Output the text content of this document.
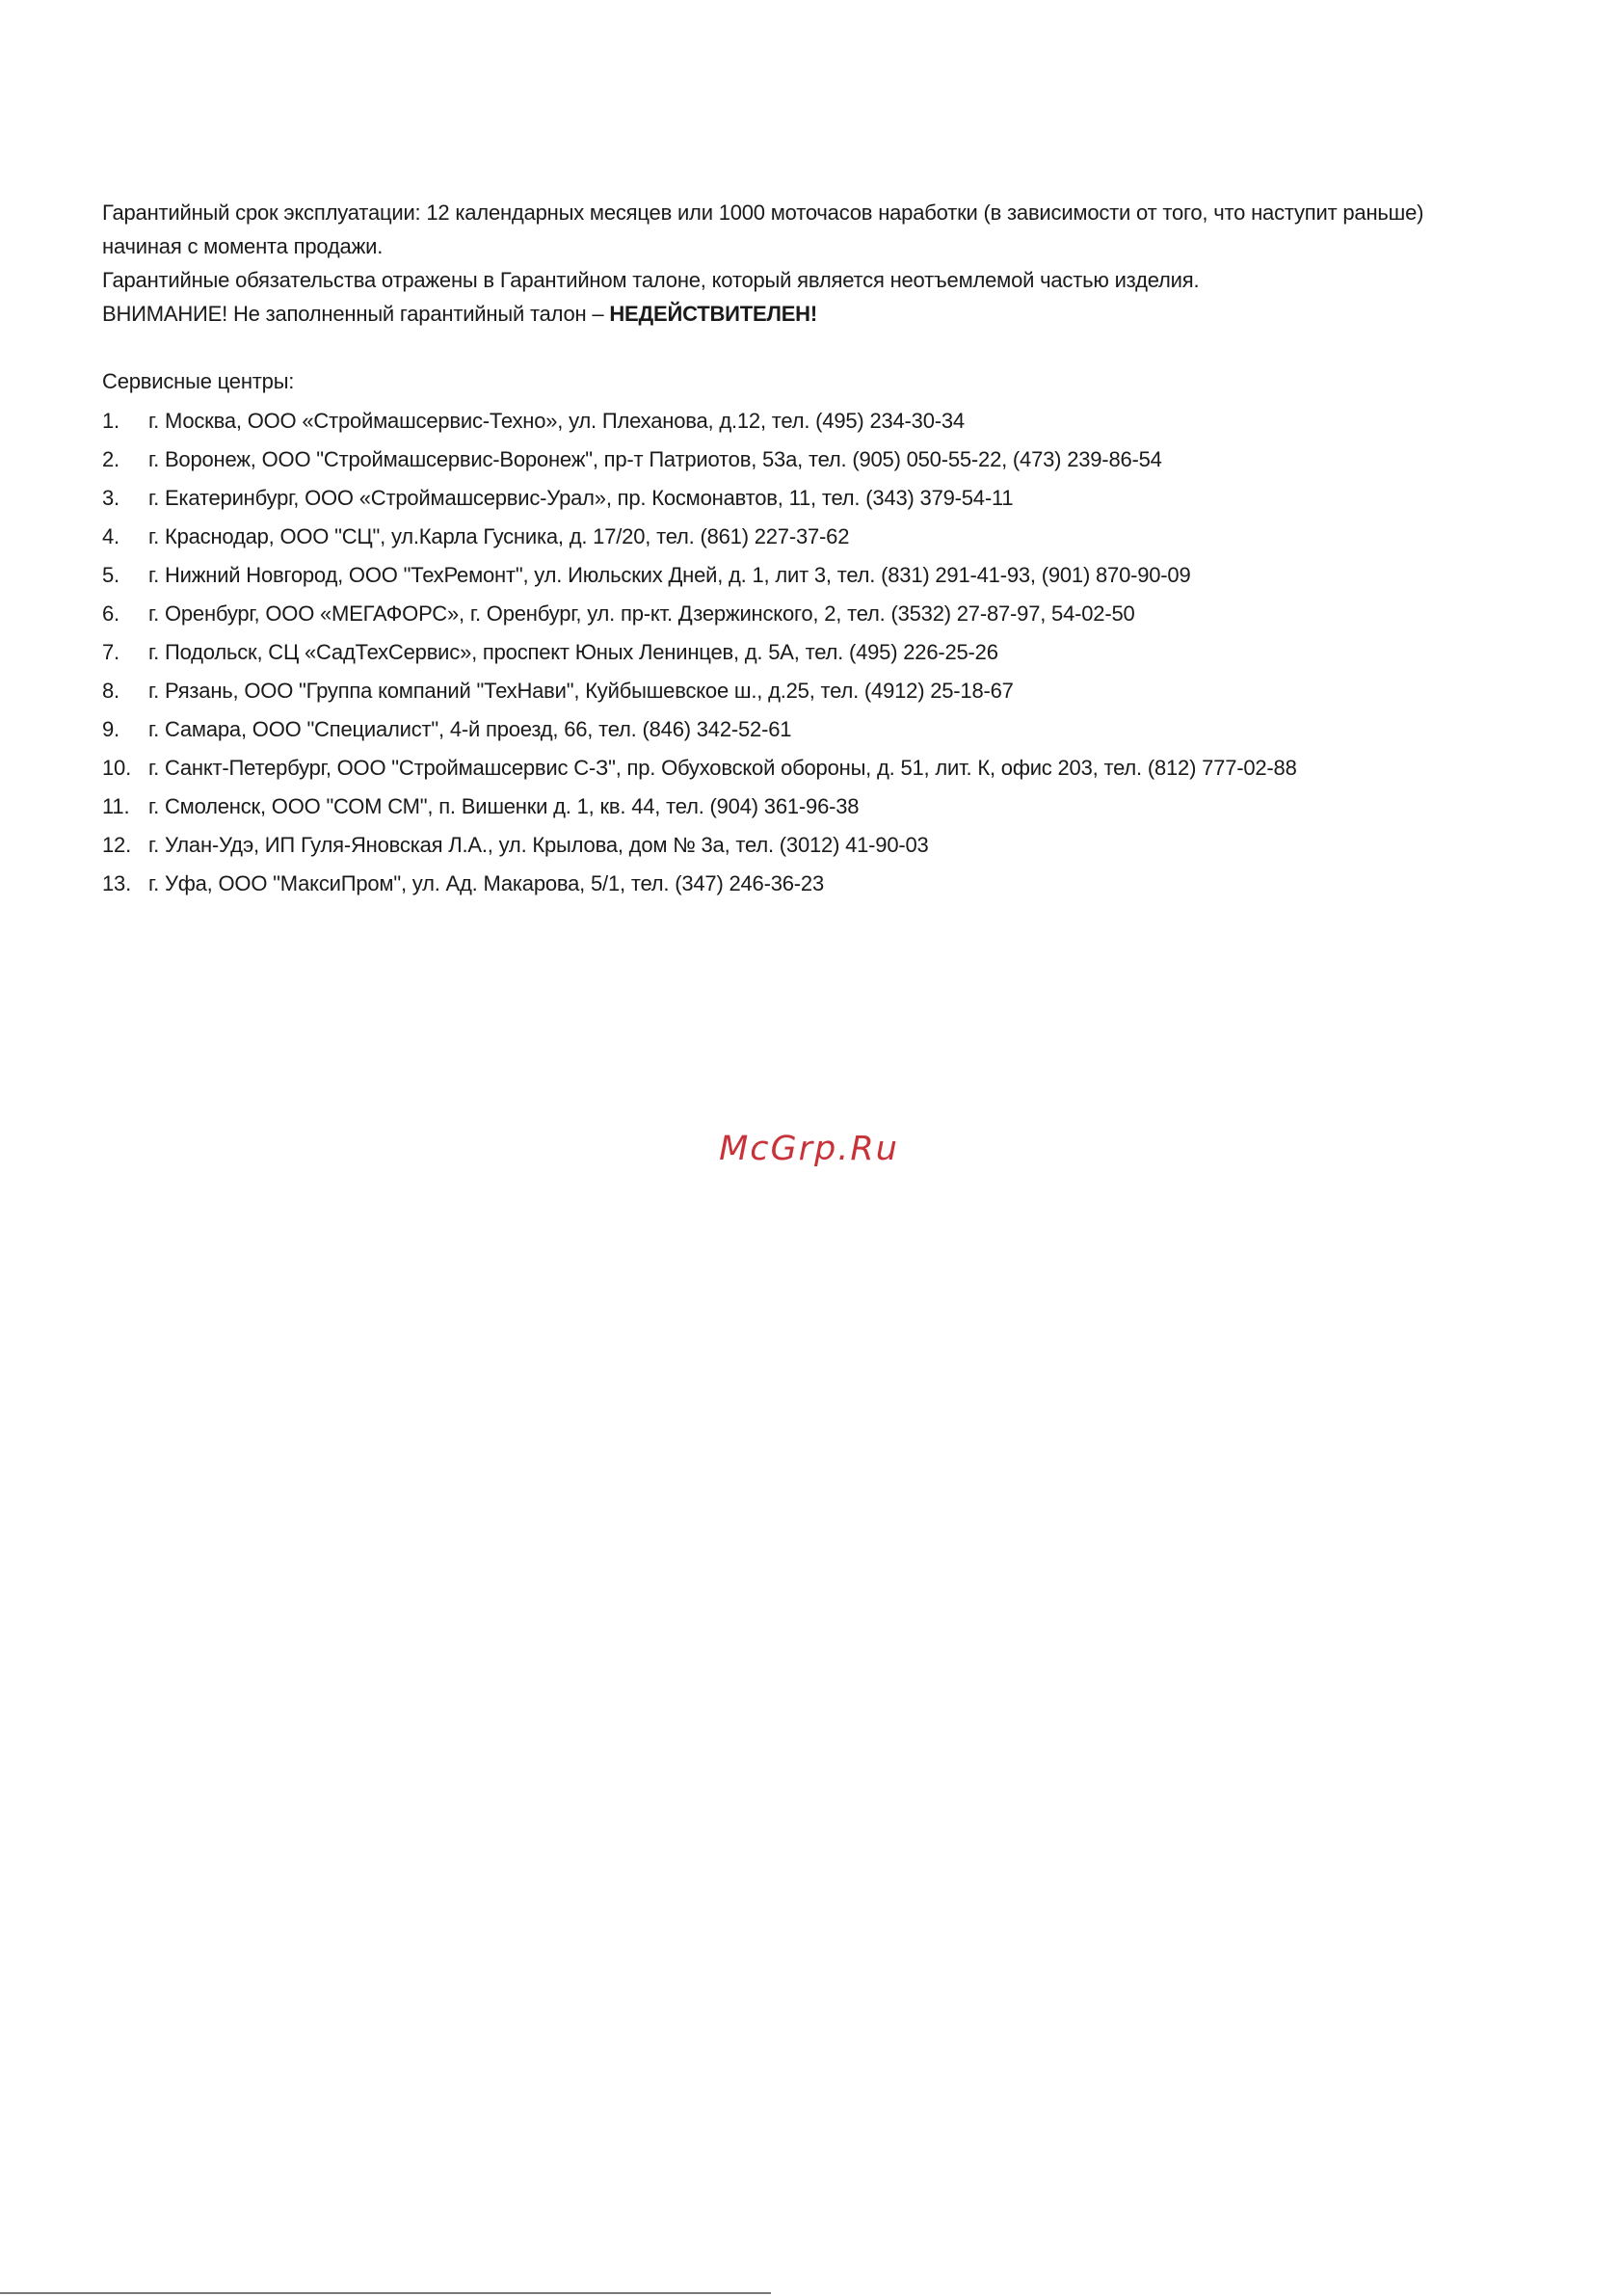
Гарантийный срок эксплуатации: 12 календарных месяцев или 1000 моточасов наработки (в зависимости от того, что наступит раньше)

начиная с момента продажи.

Гарантийные обязательства отражены в Гарантийном талоне, который является неотъемлемой частью изделия.

ВНИМАНИЕ! Не заполненный гарантийный талон – НЕДЕЙСТВИТЕЛЕН!

Сервисные центры:

1.	г. Москва, ООО «Строймашсервис-Техно», ул. Плеханова, д.12, тел. (495) 234-30-34
2.	г. Воронеж, ООО "Строймашсервис-Воронеж", пр-т Патриотов, 53а, тел. (905) 050-55-22, (473) 239-86-54
3.	г. Екатеринбург, ООО «Строймашсервис-Урал», пр. Космонавтов, 11, тел. (343) 379-54-11
4.	г. Краснодар, ООО "СЦ", ул.Карла Гусника, д. 17/20, тел. (861) 227-37-62
5.	г. Нижний Новгород, ООО "ТехРемонт", ул. Июльских Дней, д. 1, лит 3, тел. (831) 291-41-93, (901) 870-90-09
6.	г. Оренбург, ООО «МЕГАФОРС», г. Оренбург, ул. пр-кт. Дзержинского, 2, тел. (3532) 27-87-97, 54-02-50
7.	г. Подольск, СЦ «СадТехСервис», проспект Юных Ленинцев, д. 5А, тел. (495) 226-25-26
8.	г. Рязань, ООО "Группа компаний "ТехНави", Куйбышевское ш., д.25, тел. (4912) 25-18-67
9.	г. Самара, ООО "Специалист", 4-й проезд, 66, тел. (846) 342-52-61
10. г. Санкт-Петербург, ООО "Строймашсервис С-З", пр. Обуховской обороны, д. 51, лит. К, офис 203, тел. (812) 777-02-88
11. г. Смоленск, ООО "СОМ СМ", п. Вишенки д. 1, кв. 44, тел. (904) 361-96-38
12. г. Улан-Удэ, ИП Гуля-Яновская Л.А., ул. Крылова, дом № 3а, тел. (3012) 41-90-03
13. г. Уфа, ООО "МаксиПром", ул. Ад. Макарова, 5/1, тел. (347) 246-36-23
McGrp.Ru
